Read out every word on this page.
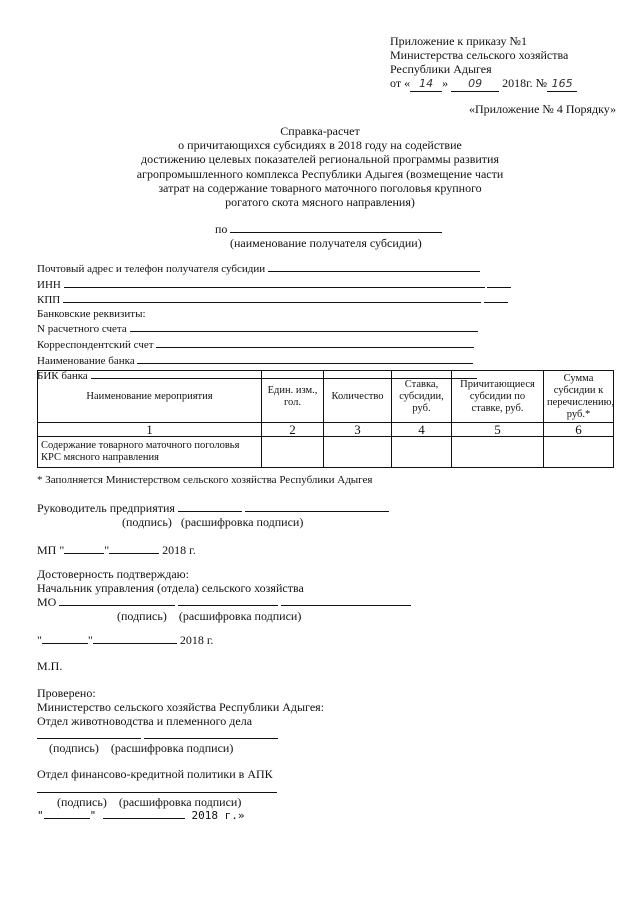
Приложение к приказу №1
Министерства сельского хозяйства
Республики Адыгея
от « 14 » 09 2018г. № 165
«Приложение № 4 Порядку»
Справка-расчет
о причитающихся субсидиях в 2018 году на содействие
достижению целевых показателей региональной программы развития
агропромышленного комплекса Республики Адыгея (возмещение части
затрат на содержание товарного маточного поголовья крупного
рогатого скота мясного направления)
по
(наименование получателя субсидии)
Почтовый адрес и телефон получателя субсидии
ИНН
КПП
Банковские реквизиты:
N расчетного счета
Корреспондентский счет
Наименование банка
БИК банка
Наименование мероприятия	Един. изм., гол.	Количество	Ставка, субсидии, руб.	Причитающиеся субсидии по ставке, руб.	Сумма субсидии к перечислению, руб.*
1	2	3	4	5	6
Содержание товарного маточного поголовья КРС мясного направления					
* Заполняется Министерством сельского хозяйства Республики Адыгея
Руководитель предприятия
(подпись) (расшифровка подписи)
МП "	"	2018 г.
Достоверность подтверждаю:
Начальник управления (отдела) сельского хозяйства
МО
(подпись) (расшифровка подписи)
"	"	2018 г.
М.П.
Проверено:
Министерство сельского хозяйства Республики Адыгея:
Отдел животноводства и племенного дела

(подпись) (расшифровка подписи)
Отдел финансово-кредитной политики в АПК
(подпись) (расшифровка подписи)
"	"	2018 г.»
